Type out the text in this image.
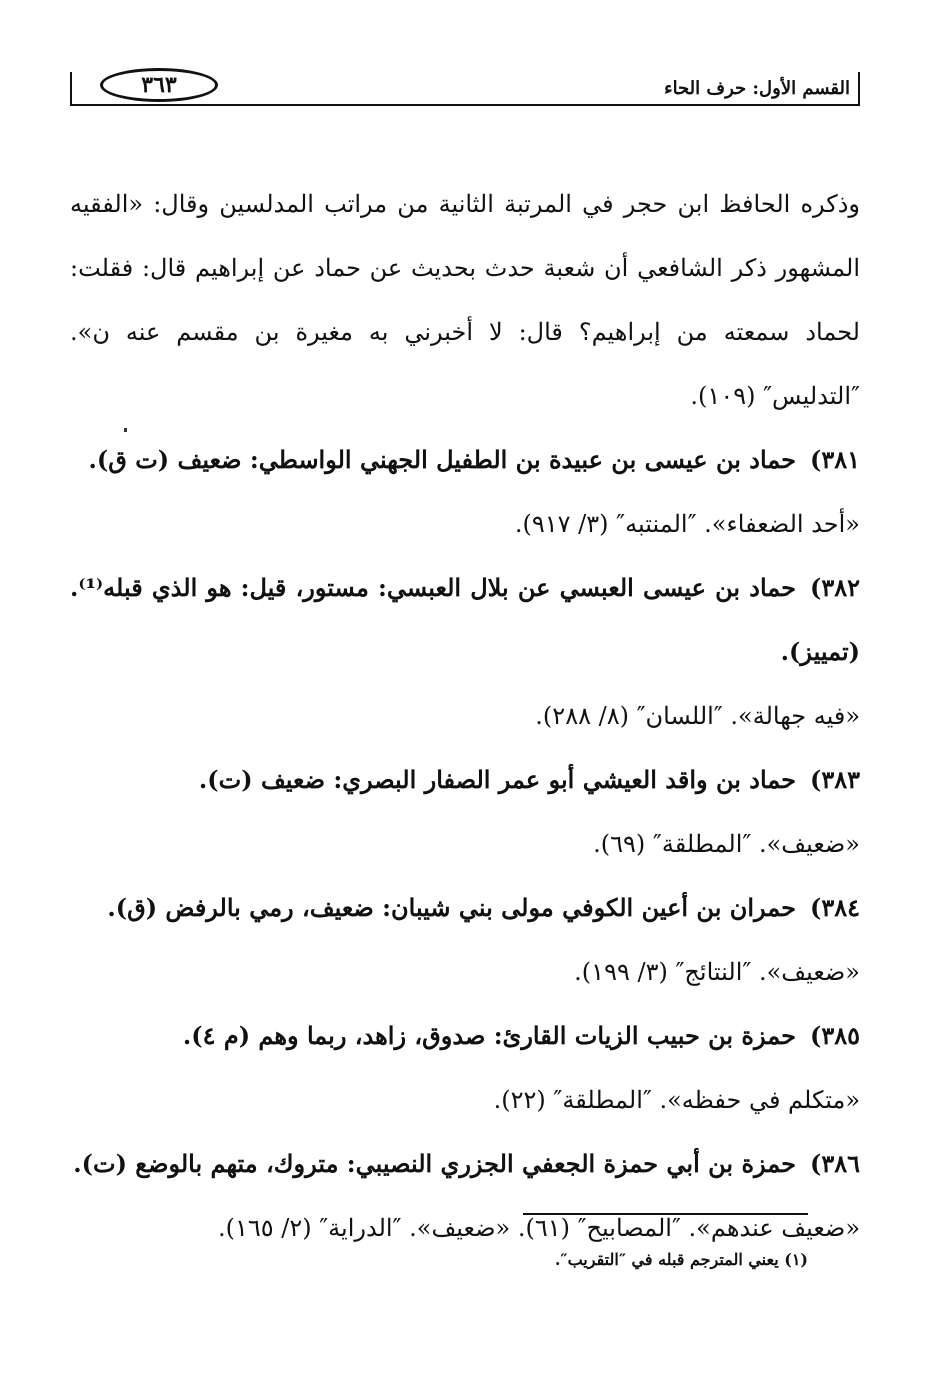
القسم الأول: حرف الحاء
٣٦٣

وذكره الحافظ ابن حجر في المرتبة الثانية من مراتب المدلسين وقال: «الفقيه المشهور ذكر الشافعي أن شعبة حدث بحديث عن حماد عن إبراهيم قال: فقلت: لحماد سمعته من إبراهيم؟ قال: لا أخبرني به مغيرة بن مقسم عنه ن». ″التدليس″ (١٠٩).

٣٨١)حماد بن عيسى بن عبيدة بن الطفيل الجهني الواسطي: ضعيف (ت ق).

«أحد الضعفاء». ″المنتبه″ (٣/ ٩١٧).

٣٨٢)حماد بن عيسى العبسي عن بلال العبسي: مستور، قيل: هو الذي قبله⁽¹⁾. (تمييز).

«فيه جهالة». ″اللسان″ (٨/ ٢٨٨).

٣٨٣)حماد بن واقد العيشي أبو عمر الصفار البصري: ضعيف (ت).

«ضعيف». ″المطلقة″ (٦٩).

٣٨٤)حمران بن أعين الكوفي مولى بني شيبان: ضعيف، رمي بالرفض (ق).

«ضعيف». ″النتائج″ (٣/ ١٩٩).

٣٨٥)حمزة بن حبيب الزيات القارئ: صدوق، زاهد، ربما وهم (م ٤).

«متكلم في حفظه». ″المطلقة″ (٢٢).

٣٨٦)حمزة بن أبي حمزة الجعفي الجزري النصيبي: متروك، متهم بالوضع (ت).

«ضعيف عندهم». ″المصابيح″ (٦١). «ضعيف». ″الدراية″ (٢/ ١٦٥).

(١) يعني المترجم قبله في ″التقريب″.
